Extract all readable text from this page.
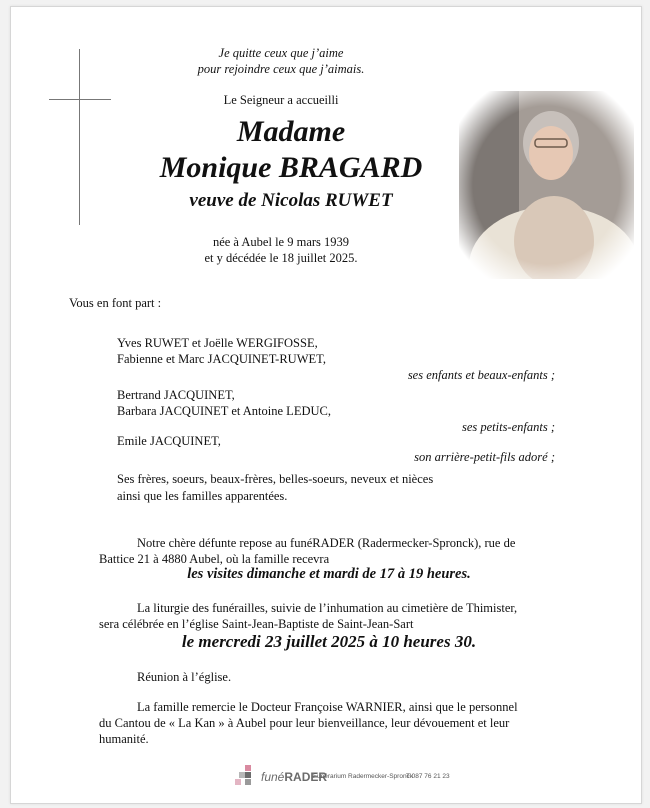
Je quitte ceux que j’aime
pour rejoindre ceux que j’aimais.
Le Seigneur a accueilli
Madame
Monique BRAGARD
veuve de Nicolas RUWET
née à Aubel le 9 mars 1939
et y décédée le 18 juillet 2025.
Vous en font part :
Yves RUWET et Joëlle WERGIFOSSE,
Fabienne et Marc JACQUINET-RUWET,
ses enfants et beaux-enfants ;
Bertrand JACQUINET,
Barbara JACQUINET et Antoine LEDUC,
ses petits-enfants ;
Emile JACQUINET,
son arrière-petit-fils adoré ;
Ses frères, soeurs, beaux-frères, belles-soeurs, neveux et nièces
ainsi que les familles apparentées.
Notre chère défunte repose au funéRADER (Radermecker-Spronck), rue de
Battice 21 à 4880 Aubel, où la famille recevra
les visites dimanche et mardi de 17 à 19 heures.
La liturgie des funérailles, suivie de l’inhumation au cimetière de Thimister,
sera célébrée en l’église Saint-Jean-Baptiste de Saint-Jean-Sart
le mercredi 23 juillet 2025 à 10 heures 30.
Réunion à l’église.
La famille remercie le Docteur Françoise WARNIER, ainsi que le personnel
du Cantou de « La Kan » à Aubel pour leur bienveillance, leur dévouement et leur
humanité.
funéRADER
Funérarium Radermecker-Spronck
T 087 76 21 23
